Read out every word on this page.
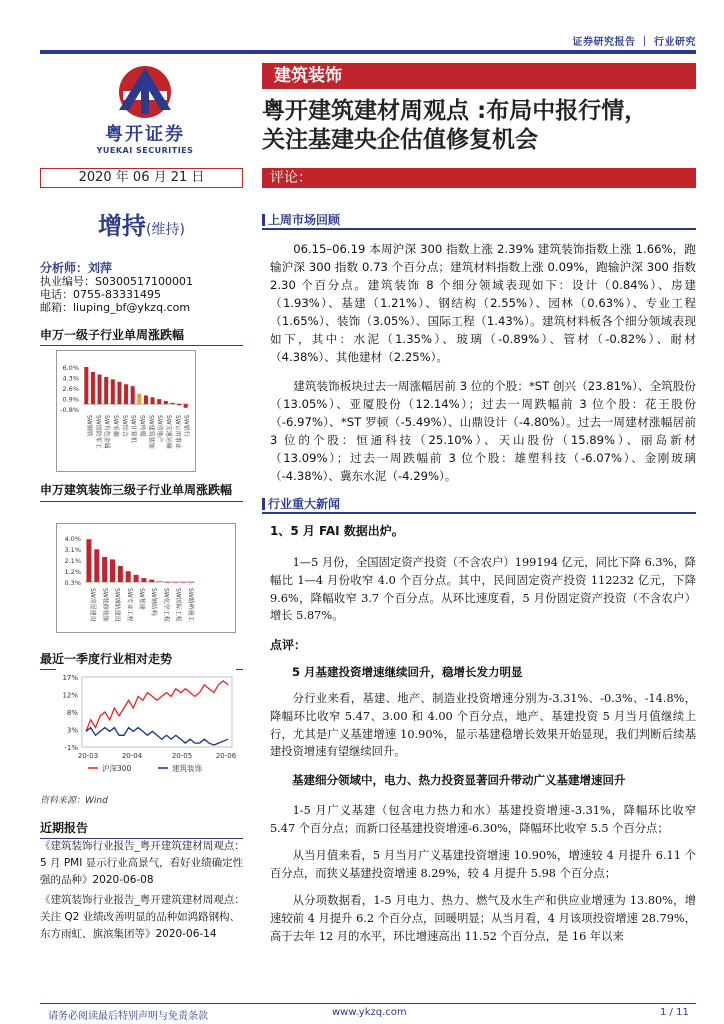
证券研究报告 ｜ 行业研究
粤开证券
YUEKAI SECURITIES
建筑装饰
粤开建筑建材周观点 :布局中报行情，
关注基建央企估值修复机会
2020 年 06 月 21 日	评论：
增持(维持)
分析师：刘萍
执业编号：S0300517100001
电话：0755-83331495
邮箱：liuping_bf@ykzq.com
申万一级子行业单周涨跌幅
6.0%
4.3%
2.6%
0.9%
-0.8%
SW钢铁 SW国防军工 SW有色金属 SW采掘 SW综合 SW计算机 SW传媒 SW建筑装饰 SW房地产 SW交通运输 SW公用事业 SW银行
申万建筑装饰三级子行业单周涨跌幅
4.0%
3.1%
2.1%
1.2%
0.3%
SW房屋建设 SW装修装饰 SW城轨建设 SW专业工程 SW基建 SW钢结构 SW化学工程 SW国际工程 SW路桥施工
最近一季度行业相对走势
17%
12%
8%
3%
-1%
20-03	20-04	20-05	20-06
沪深300	建筑装饰
资料来源：Wind
近期报告
《建筑装饰行业报告_粤开建筑建材周观点：5 月 PMI 显示行业高景气，看好业绩确定性强的品种》2020-06-08
《建筑装饰行业报告_粤开建筑建材周观点：关注 Q2 业绩改善明显的品种如鸿路钢构、东方雨虹、旗滨集团等》2020-06-14
上周市场回顾
06.15–06.19 本周沪深 300 指数上涨 2.39% 建筑装饰指数上涨 1.66%，跑输沪深 300 指数 0.73 个百分点；建筑材料指数上涨 0.09%，跑输沪深 300 指数 2.30 个百分点。建筑装饰 8 个细分领域表现如下：设计（0.84%）、房建（1.93%）、基建（1.21%）、钢结构（2.55%）、园林（0.63%）、专业工程（1.65%）、装饰（3.05%）、国际工程（1.43%）。建筑材料板各个细分领域表现如下，其中：水泥（1.35%）、玻璃（-0.89%）、管材（-0.82%）、耐材（4.38%）、其他建材（2.25%）。
建筑装饰板块过去一周涨幅居前 3 位的个股：*ST 创兴（23.81%）、全筑股份（13.05%）、亚厦股份（12.14%）；过去一周跌幅前 3 位个股：花王股份（-6.97%）、*ST 罗顿（-5.49%）、山鼎设计（-4.80%）。过去一周建材涨幅居前 3 位的个股：恒通科技（25.10%）、天山股份（15.89%）、丽岛新材（13.09%）；过去一周跌幅前 3 位个股：雄塑科技（-6.07%）、金刚玻璃（-4.38%）、冀东水泥（-4.29%）。
行业重大新闻
1、5 月 FAI 数据出炉。
1—5 月份，全国固定资产投资（不含农户）199194 亿元，同比下降 6.3%，降幅比 1—4 月份收窄 4.0 个百分点。其中，民间固定资产投资 112232 亿元，下降 9.6%，降幅收窄 3.7 个百分点。从环比速度看，5 月份固定资产投资（不含农户）增长 5.87%。
点评：
5 月基建投资增速继续回升，稳增长发力明显
分行业来看，基建、地产、制造业投资增速分别为-3.31%、-0.3%、-14.8%，降幅环比收窄 5.47、3.00 和 4.00 个百分点，地产、基建投资 5 月当月值继续上行，尤其是广义基建增速 10.90%，显示基建稳增长效果开始显现，我们判断后续基建投资增速有望继续回升。
基建细分领域中，电力、热力投资显著回升带动广义基建增速回升
1-5 月广义基建（包含电力热力和水）基建投资增速-3.31%，降幅环比收窄 5.47 个百分点；而新口径基建投资增速-6.30%，降幅环比收窄 5.5 个百分点；
从当月值来看，5 月当月广义基建投资增速 10.90%，增速较 4 月提升 6.11 个百分点，而狭义基建投资增速 8.29%，较 4 月提升 5.98 个百分点；
从分项数据看，1-5 月电力、热力、燃气及水生产和供应业增速为 13.80%，增速较前 4 月提升 6.2 个百分点，回暖明显；从当月看，4 月该项投资增速 28.79%，高于去年 12 月的水平，环比增速高出 11.52 个百分点，是 16 年以来
请务必阅读最后特别声明与免责条款	www.ykzq.com	1 / 11
